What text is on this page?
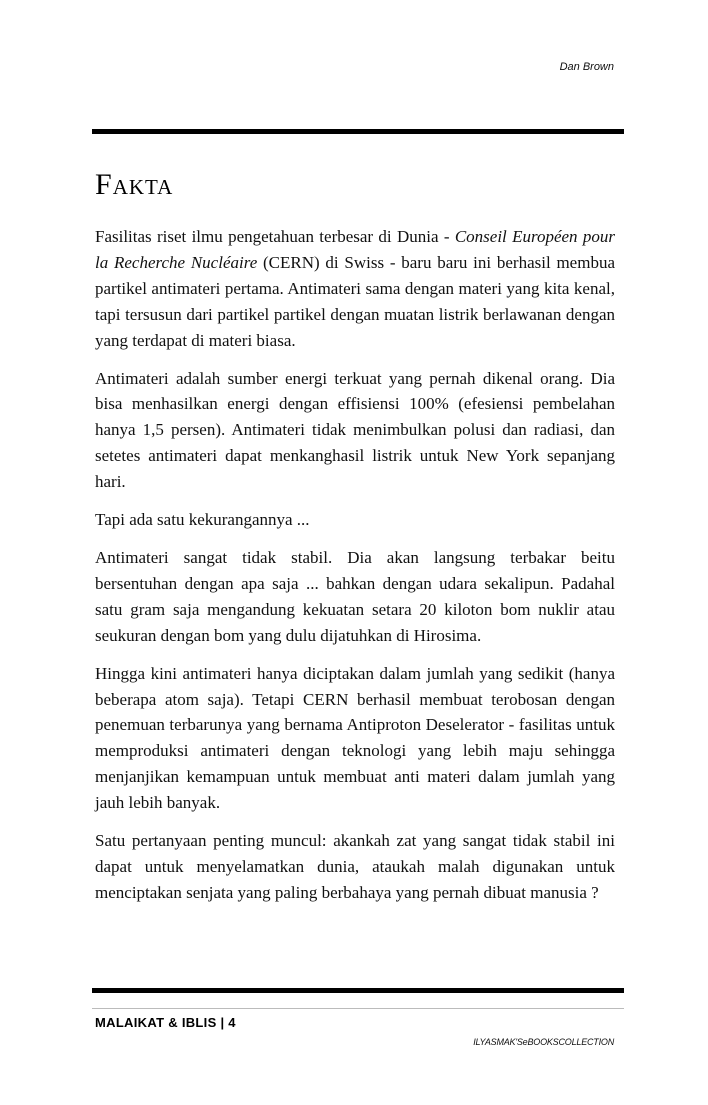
Dan Brown
FAKTA

Fasilitas riset ilmu pengetahuan terbesar di Dunia - Conseil Européen pour la Recherche Nucléaire (CERN) di Swiss - baru baru ini berhasil membua partikel antimateri pertama. Antimateri sama dengan materi yang kita kenal, tapi tersusun dari partikel partikel dengan muatan listrik berlawanan dengan yang terdapat di materi biasa.

Antimateri adalah sumber energi terkuat yang pernah dikenal orang. Dia bisa menhasilkan energi dengan effisiensi 100% (efesiensi pembelahan hanya 1,5 persen). Antimateri tidak menimbulkan polusi dan radiasi, dan setetes antimateri dapat menkanghasil listrik untuk New York sepanjang hari.

Tapi ada satu kekurangannya ...

Antimateri sangat tidak stabil. Dia akan langsung terbakar beitu bersentuhan dengan apa saja ... bahkan dengan udara sekalipun. Padahal satu gram saja mengandung kekuatan setara 20 kiloton bom nuklir atau seukuran dengan bom yang dulu dijatuhkan di Hirosima.

Hingga kini antimateri hanya diciptakan dalam jumlah yang sedikit (hanya beberapa atom saja). Tetapi CERN berhasil membuat terobosan dengan penemuan terbarunya yang bernama Antiproton Deselerator - fasilitas untuk memproduksi antimateri dengan teknologi yang lebih maju sehingga menjanjikan kemampuan untuk membuat anti materi dalam jumlah yang jauh lebih banyak.

Satu pertanyaan penting muncul: akankah zat yang sangat tidak stabil ini dapat untuk menyelamatkan dunia, ataukah malah digunakan untuk menciptakan senjata yang paling berbahaya yang pernah dibuat manusia ?

MALAIKAT & IBLIS | 4
ILYASMAK'SeBOOKSCOLLECTION
